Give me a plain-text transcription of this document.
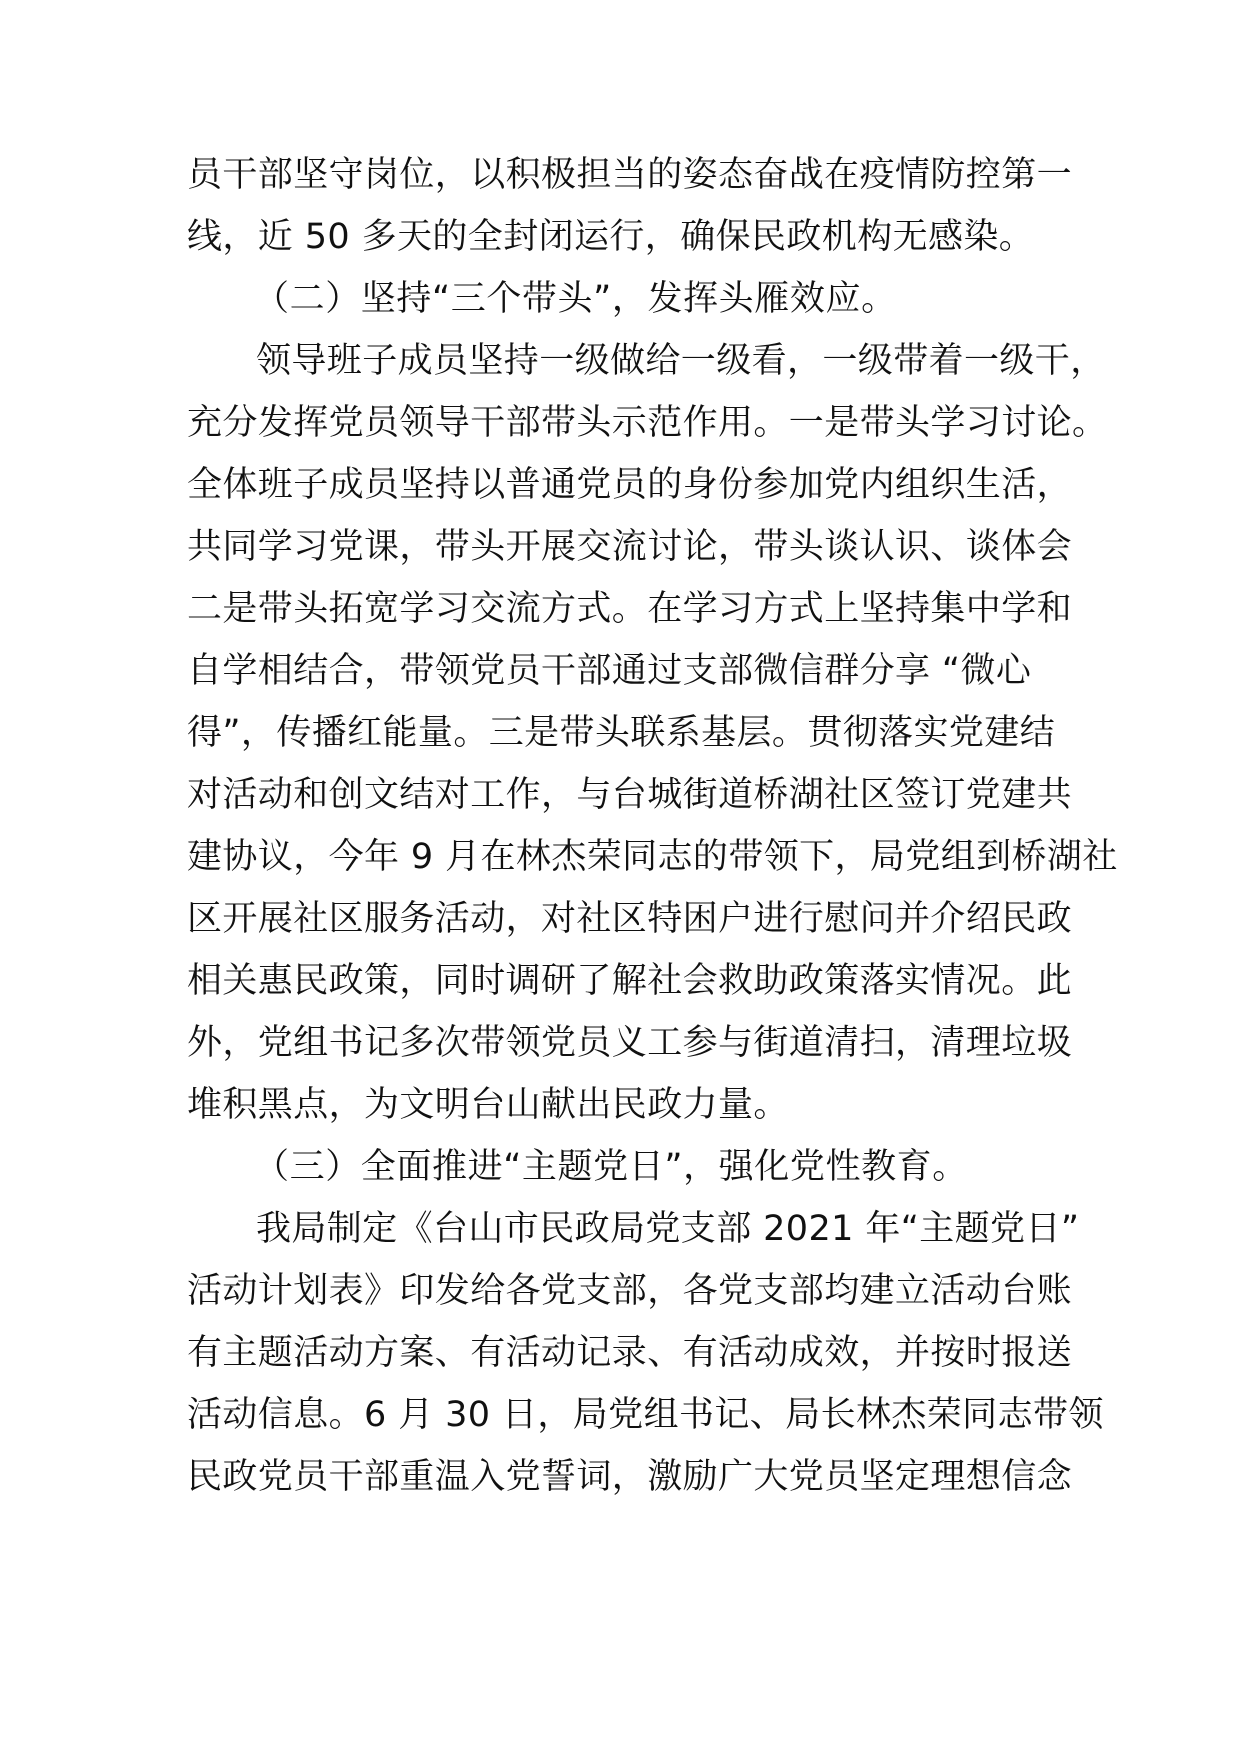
员干部坚守岗位，以积极担当的姿态奋战在疫情防控第一
线，近 50 多天的全封闭运行，确保民政机构无感染。
（二）坚持“三个带头”，发挥头雁效应。
领导班子成员坚持一级做给一级看，一级带着一级干，
充分发挥党员领导干部带头示范作用。一是带头学习讨论。
全体班子成员坚持以普通党员的身份参加党内组织生活，
共同学习党课，带头开展交流讨论，带头谈认识、谈体会
二是带头拓宽学习交流方式。在学习方式上坚持集中学和
自学相结合，带领党员干部通过支部微信群分享 “微心
得”，传播红能量。三是带头联系基层。贯彻落实党建结
对活动和创文结对工作，与台城街道桥湖社区签订党建共
建协议，今年 9 月在林杰荣同志的带领下，局党组到桥湖社
区开展社区服务活动，对社区特困户进行慰问并介绍民政
相关惠民政策，同时调研了解社会救助政策落实情况。此
外，党组书记多次带领党员义工参与街道清扫，清理垃圾
堆积黑点，为文明台山献出民政力量。
（三）全面推进“主题党日”，强化党性教育。
我局制定《台山市民政局党支部 2021 年“主题党日”
活动计划表》印发给各党支部，各党支部均建立活动台账
有主题活动方案、有活动记录、有活动成效，并按时报送
活动信息。6 月 30 日，局党组书记、局长林杰荣同志带领
民政党员干部重温入党誓词，激励广大党员坚定理想信念
